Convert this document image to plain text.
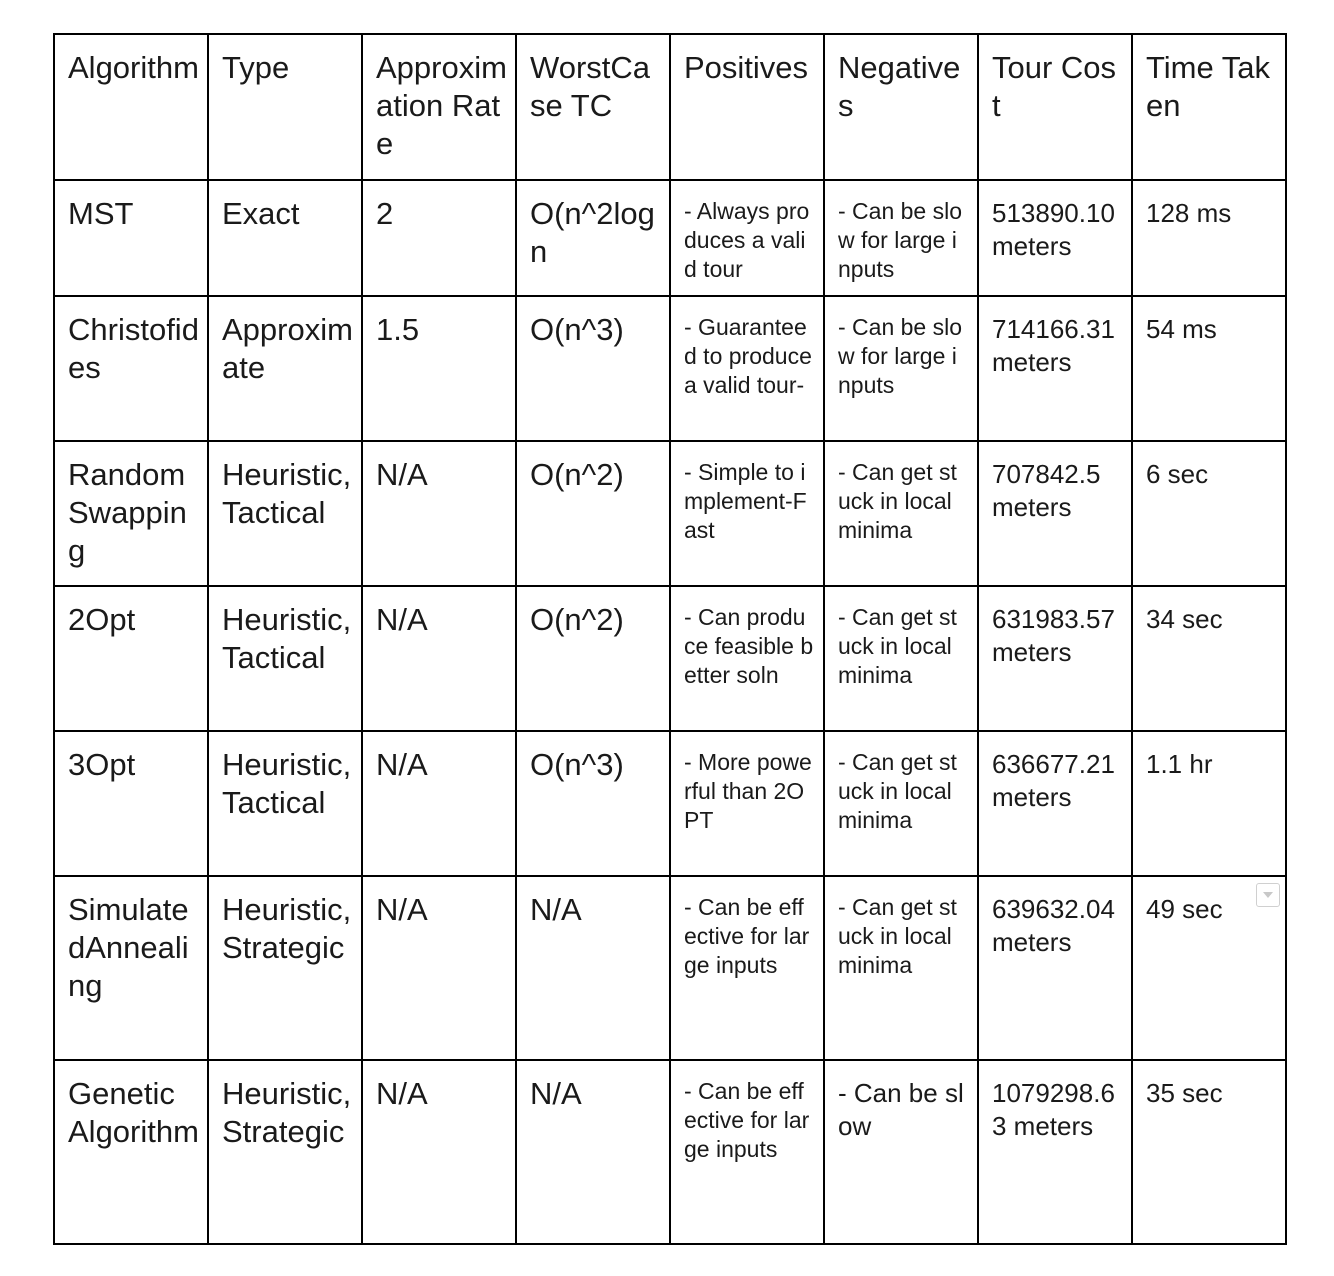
Algorithm	Type	Approximation Rate	WorstCase TC	Positives	Negatives	Tour Cost	Time Taken
MST	Exact	2	O(n^2logn	- Always produces a valid tour	- Can be slow for large inputs	513890.10 meters	128 ms
Christofides	Approximate	1.5	O(n^3)	- Guaranteed to produce a valid tour-	- Can be slow for large inputs	714166.31 meters	54 ms
Random Swapping	Heuristic, Tactical	N/A	O(n^2)	- Simple to implement-Fast	- Can get stuck in local minima	707842.5 meters	6 sec
2Opt	Heuristic, Tactical	N/A	O(n^2)	- Can produce feasible better soln	- Can get stuck in local minima	631983.57 meters	34 sec
3Opt	Heuristic, Tactical	N/A	O(n^3)	- More powerful than 2OPT	- Can get stuck in local minima	636677.21 meters	1.1 hr
SimulatedAnnealing	Heuristic, Strategic	N/A	N/A	- Can be effective for large inputs	- Can get stuck in local minima	639632.04 meters	49 sec
Genetic Algorithm	Heuristic, Strategic	N/A	N/A	- Can be effective for large inputs	- Can be slow	1079298.63 meters	35 sec
